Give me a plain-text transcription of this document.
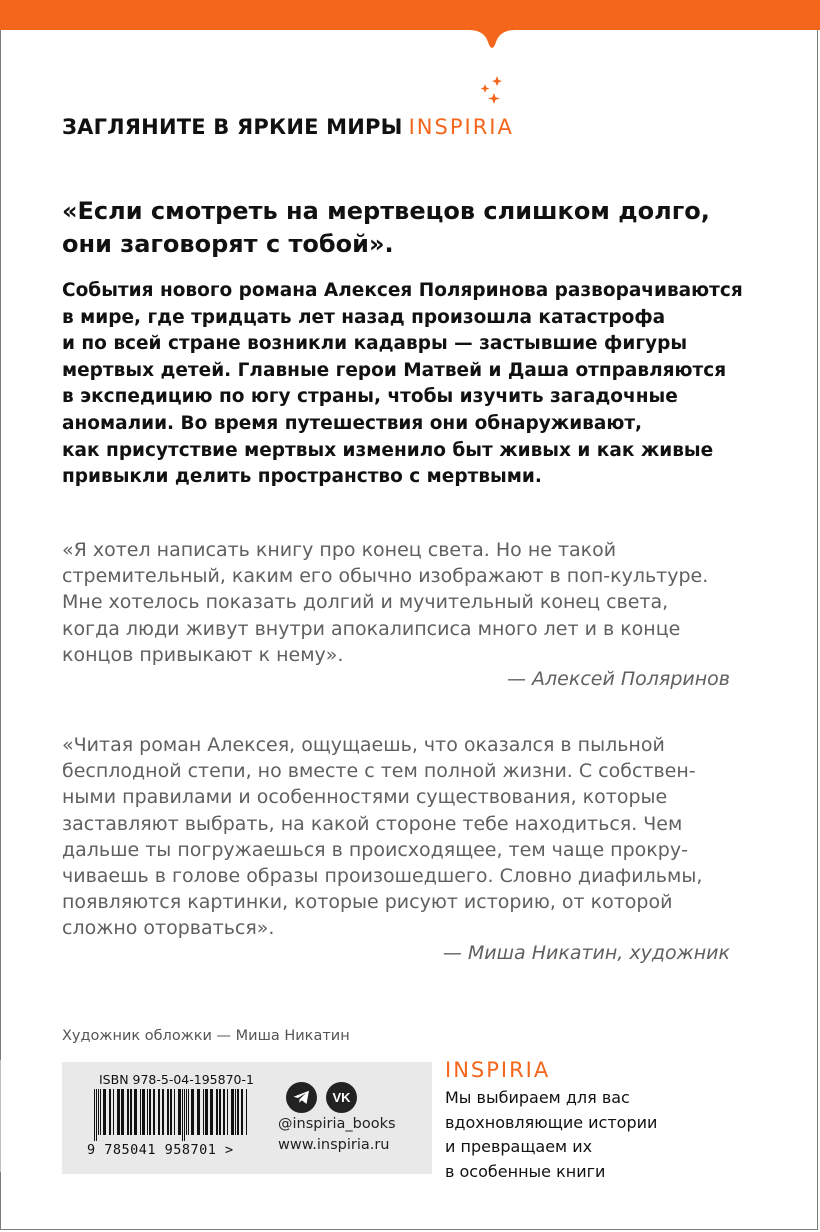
ЗАГЛЯНИТЕ В ЯРКИЕ МИРЫ INSPIRIA
«Если смотреть на мертвецов слишком долго,
они заговорят с тобой».
События нового романа Алексея Поляринова разворачиваются
в мире, где тридцать лет назад произошла катастрофа
и по всей стране возникли кадавры — застывшие фигуры
мертвых детей. Главные герои Матвей и Даша отправляются
в экспедицию по югу страны, чтобы изучить загадочные
аномалии. Во время путешествия они обнаруживают,
как присутствие мертвых изменило быт живых и как живые
привыкли делить пространство с мертвыми.
«Я хотел написать книгу про конец света. Но не такой
стремительный, каким его обычно изображают в поп-культуре.
Мне хотелось показать долгий и мучительный конец света,
когда люди живут внутри апокалипсиса много лет и в конце
концов привыкают к нему».
— Алексей Поляринов
«Читая роман Алексея, ощущаешь, что оказался в пыльной
бесплодной степи, но вместе с тем полной жизни. С собствен-
ными правилами и особенностями существования, которые
заставляют выбрать, на какой стороне тебе находиться. Чем
дальше ты погружаешься в происходящее, тем чаще прокру-
чиваешь в голове образы произошедшего. Словно диафильмы,
появляются картинки, которые рисуют историю, от которой
сложно оторваться».
— Миша Никатин, художник
Художник обложки — Миша Никатин
ISBN 978-5-04-195870-1
9 785041 958701 >
VK
@inspiria_books
www.inspiria.ru
INSPIRIA
Мы выбираем для вас
вдохновляющие истории
и превращаем их
в особенные книги
